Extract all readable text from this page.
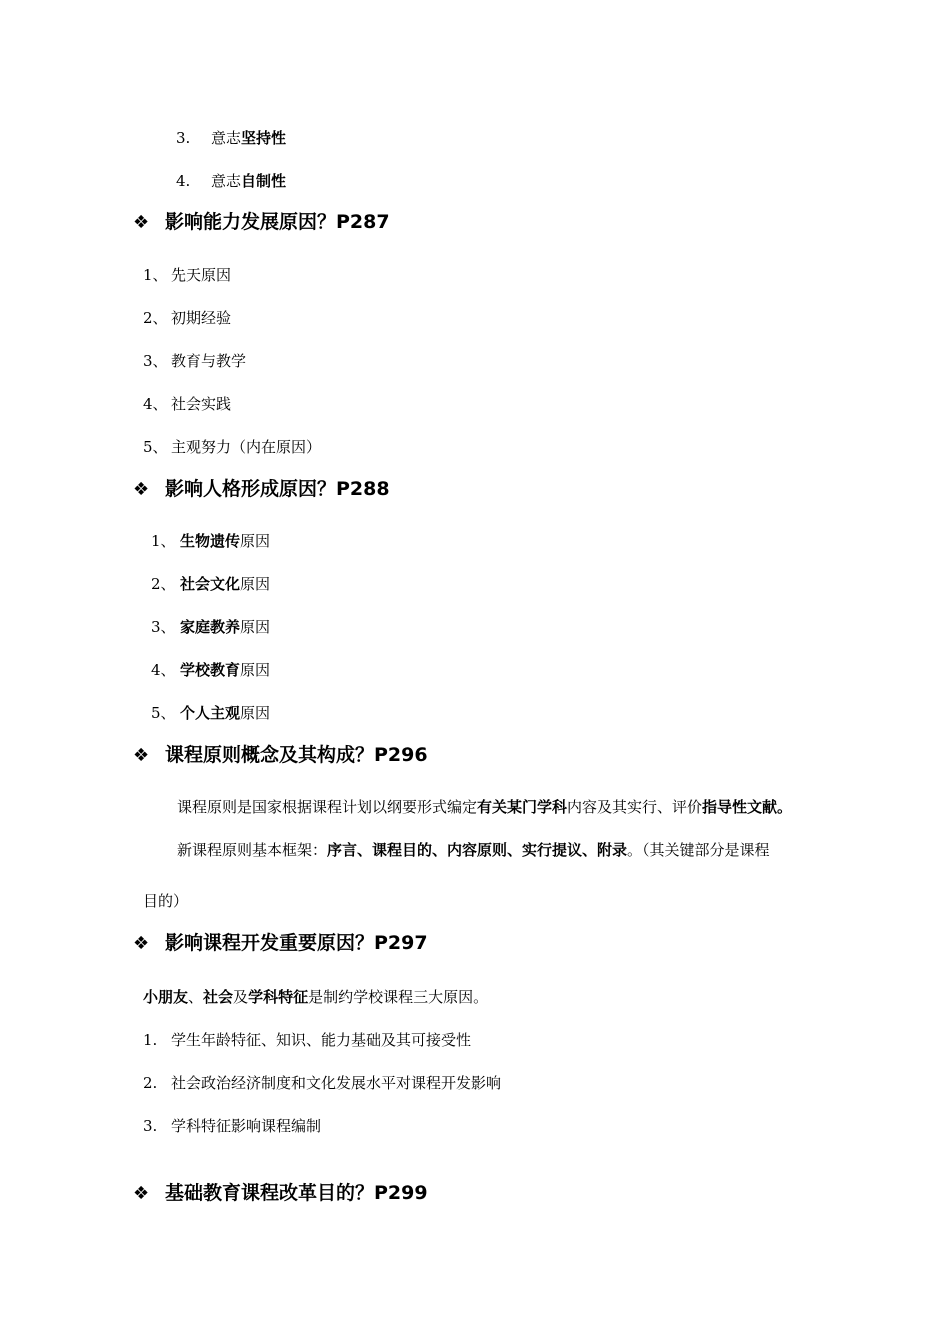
3. 意志坚持性
4. 意志自制性
❖ 影响能力发展原因？P287
1、 先天原因
2、 初期经验
3、 教育与教学
4、 社会实践
5、 主观努力（内在原因）
❖ 影响人格形成原因？P288
1、 生物遗传原因
2、 社会文化原因
3、 家庭教养原因
4、 学校教育原因
5、 个人主观原因
❖ 课程原则概念及其构成？P296
课程原则是国家根据课程计划以纲要形式编定有关某门学科内容及其实行、评价指导性文献。
新课程原则基本框架：序言、课程目的、内容原则、实行提议、附录。（其关键部分是课程
目的）
❖ 影响课程开发重要原因？P297
小朋友、社会及学科特征是制约学校课程三大原因。
1. 学生年龄特征、知识、能力基础及其可接受性
2. 社会政治经济制度和文化发展水平对课程开发影响
3. 学科特征影响课程编制
❖ 基础教育课程改革目的？P299
